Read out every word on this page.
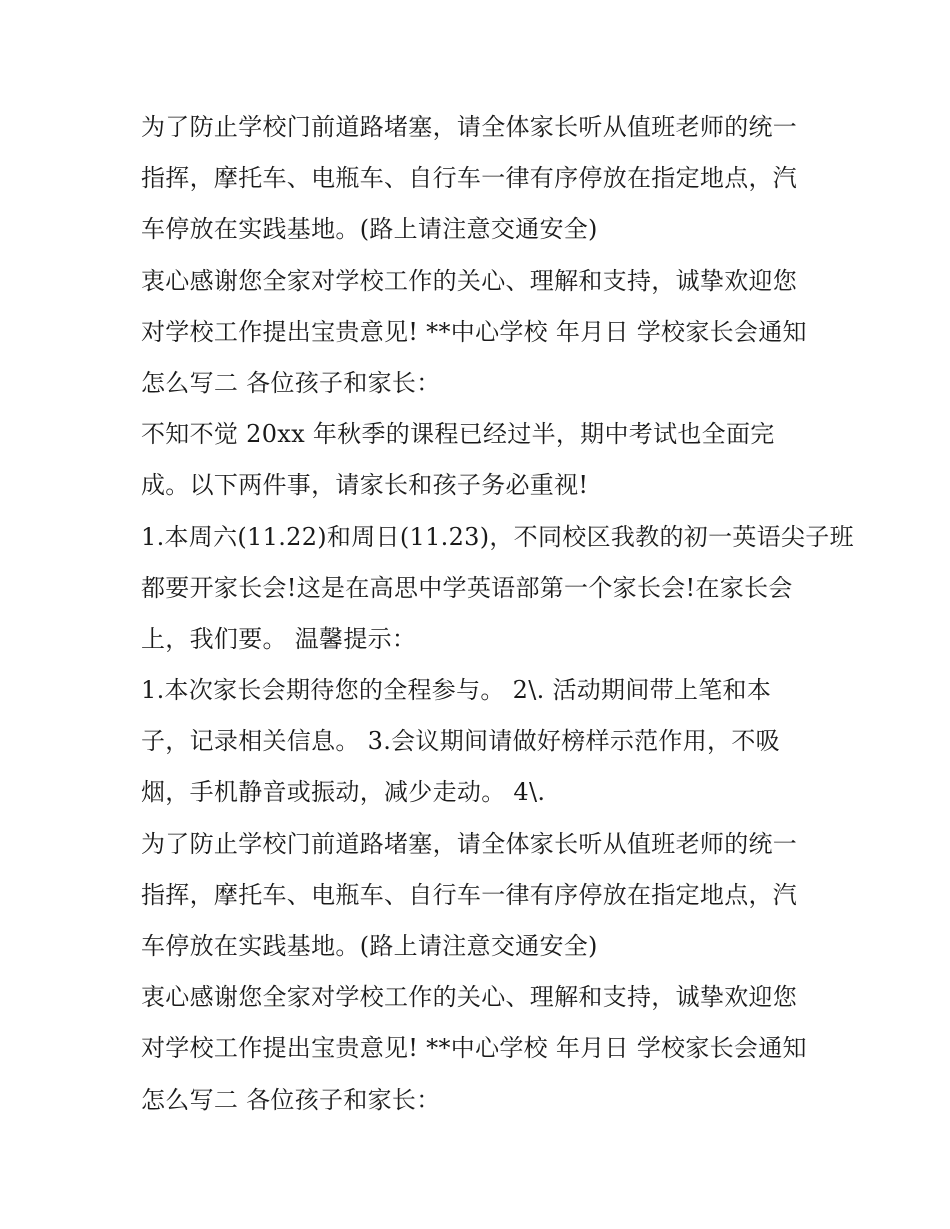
为了防止学校门前道路堵塞，请全体家长听从值班老师的统一
指挥，摩托车、电瓶车、自行车一律有序停放在指定地点，汽
车停放在实践基地。(路上请注意交通安全)
衷心感谢您全家对学校工作的关心、理解和支持，诚挚欢迎您
对学校工作提出宝贵意见! **中心学校 年月日 学校家长会通知
怎么写二 各位孩子和家长：
不知不觉 20xx 年秋季的课程已经过半，期中考试也全面完
成。以下两件事，请家长和孩子务必重视!
1.本周六(11.22)和周日(11.23)，不同校区我教的初一英语尖子班
都要开家长会!这是在高思中学英语部第一个家长会!在家长会
上，我们要。 温馨提示：
1.本次家长会期待您的全程参与。 2\. 活动期间带上笔和本
子，记录相关信息。 3.会议期间请做好榜样示范作用，不吸
烟，手机静音或振动，减少走动。 4\.
为了防止学校门前道路堵塞，请全体家长听从值班老师的统一
指挥，摩托车、电瓶车、自行车一律有序停放在指定地点，汽
车停放在实践基地。(路上请注意交通安全)
衷心感谢您全家对学校工作的关心、理解和支持，诚挚欢迎您
对学校工作提出宝贵意见! **中心学校 年月日 学校家长会通知
怎么写二 各位孩子和家长：
